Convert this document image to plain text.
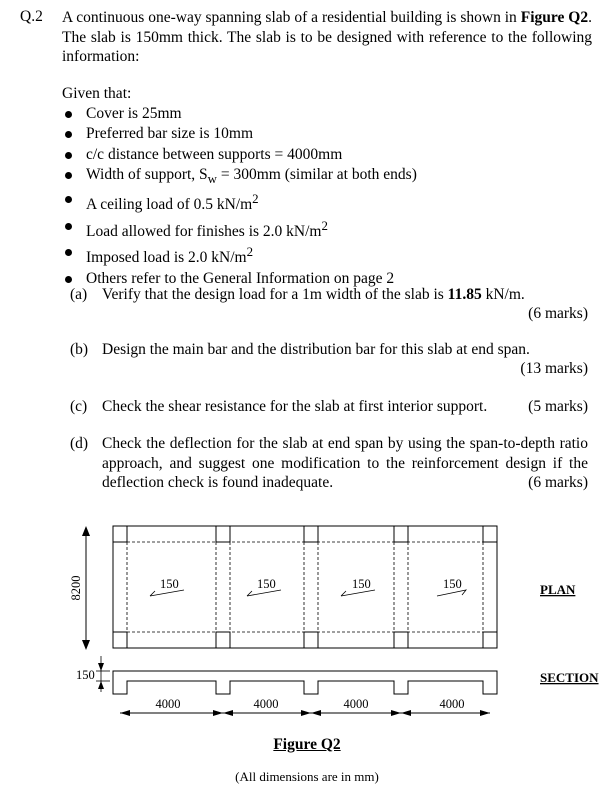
Q.2 A continuous one-way spanning slab of a residential building is shown in Figure Q2. The slab is 150mm thick. The slab is to be designed with reference to the following information:
Given that:
Cover is 25mm
Preferred bar size is 10mm
c/c distance between supports = 4000mm
Width of support, $S_w = 300mm$ (similar at both ends)
A ceiling load of 0.5 $kN/m^2$
Load allowed for finishes is 2.0 $kN/m^2$
Imposed load is 2.0 $kN/m^2$
Others refer to the General Information on page 2
(a) Verify that the design load for a 1m width of the slab is 11.85 kN/m.
(6 marks)
(b) Design the main bar and the distribution bar for this slab at end span.
(13 marks)
(c) Check the shear resistance for the slab at first interior support.	(5 marks)
(d) Check the deflection for the slab at end span by using the span-to-depth ratio approach, and suggest one modification to the reinforcement design if the deflection check is found inadequate.	(6 marks)
150	150	150	150
8200	PLAN
150	SECTION
4000	4000	4000	4000
Figure Q2
(All dimensions are in mm)
